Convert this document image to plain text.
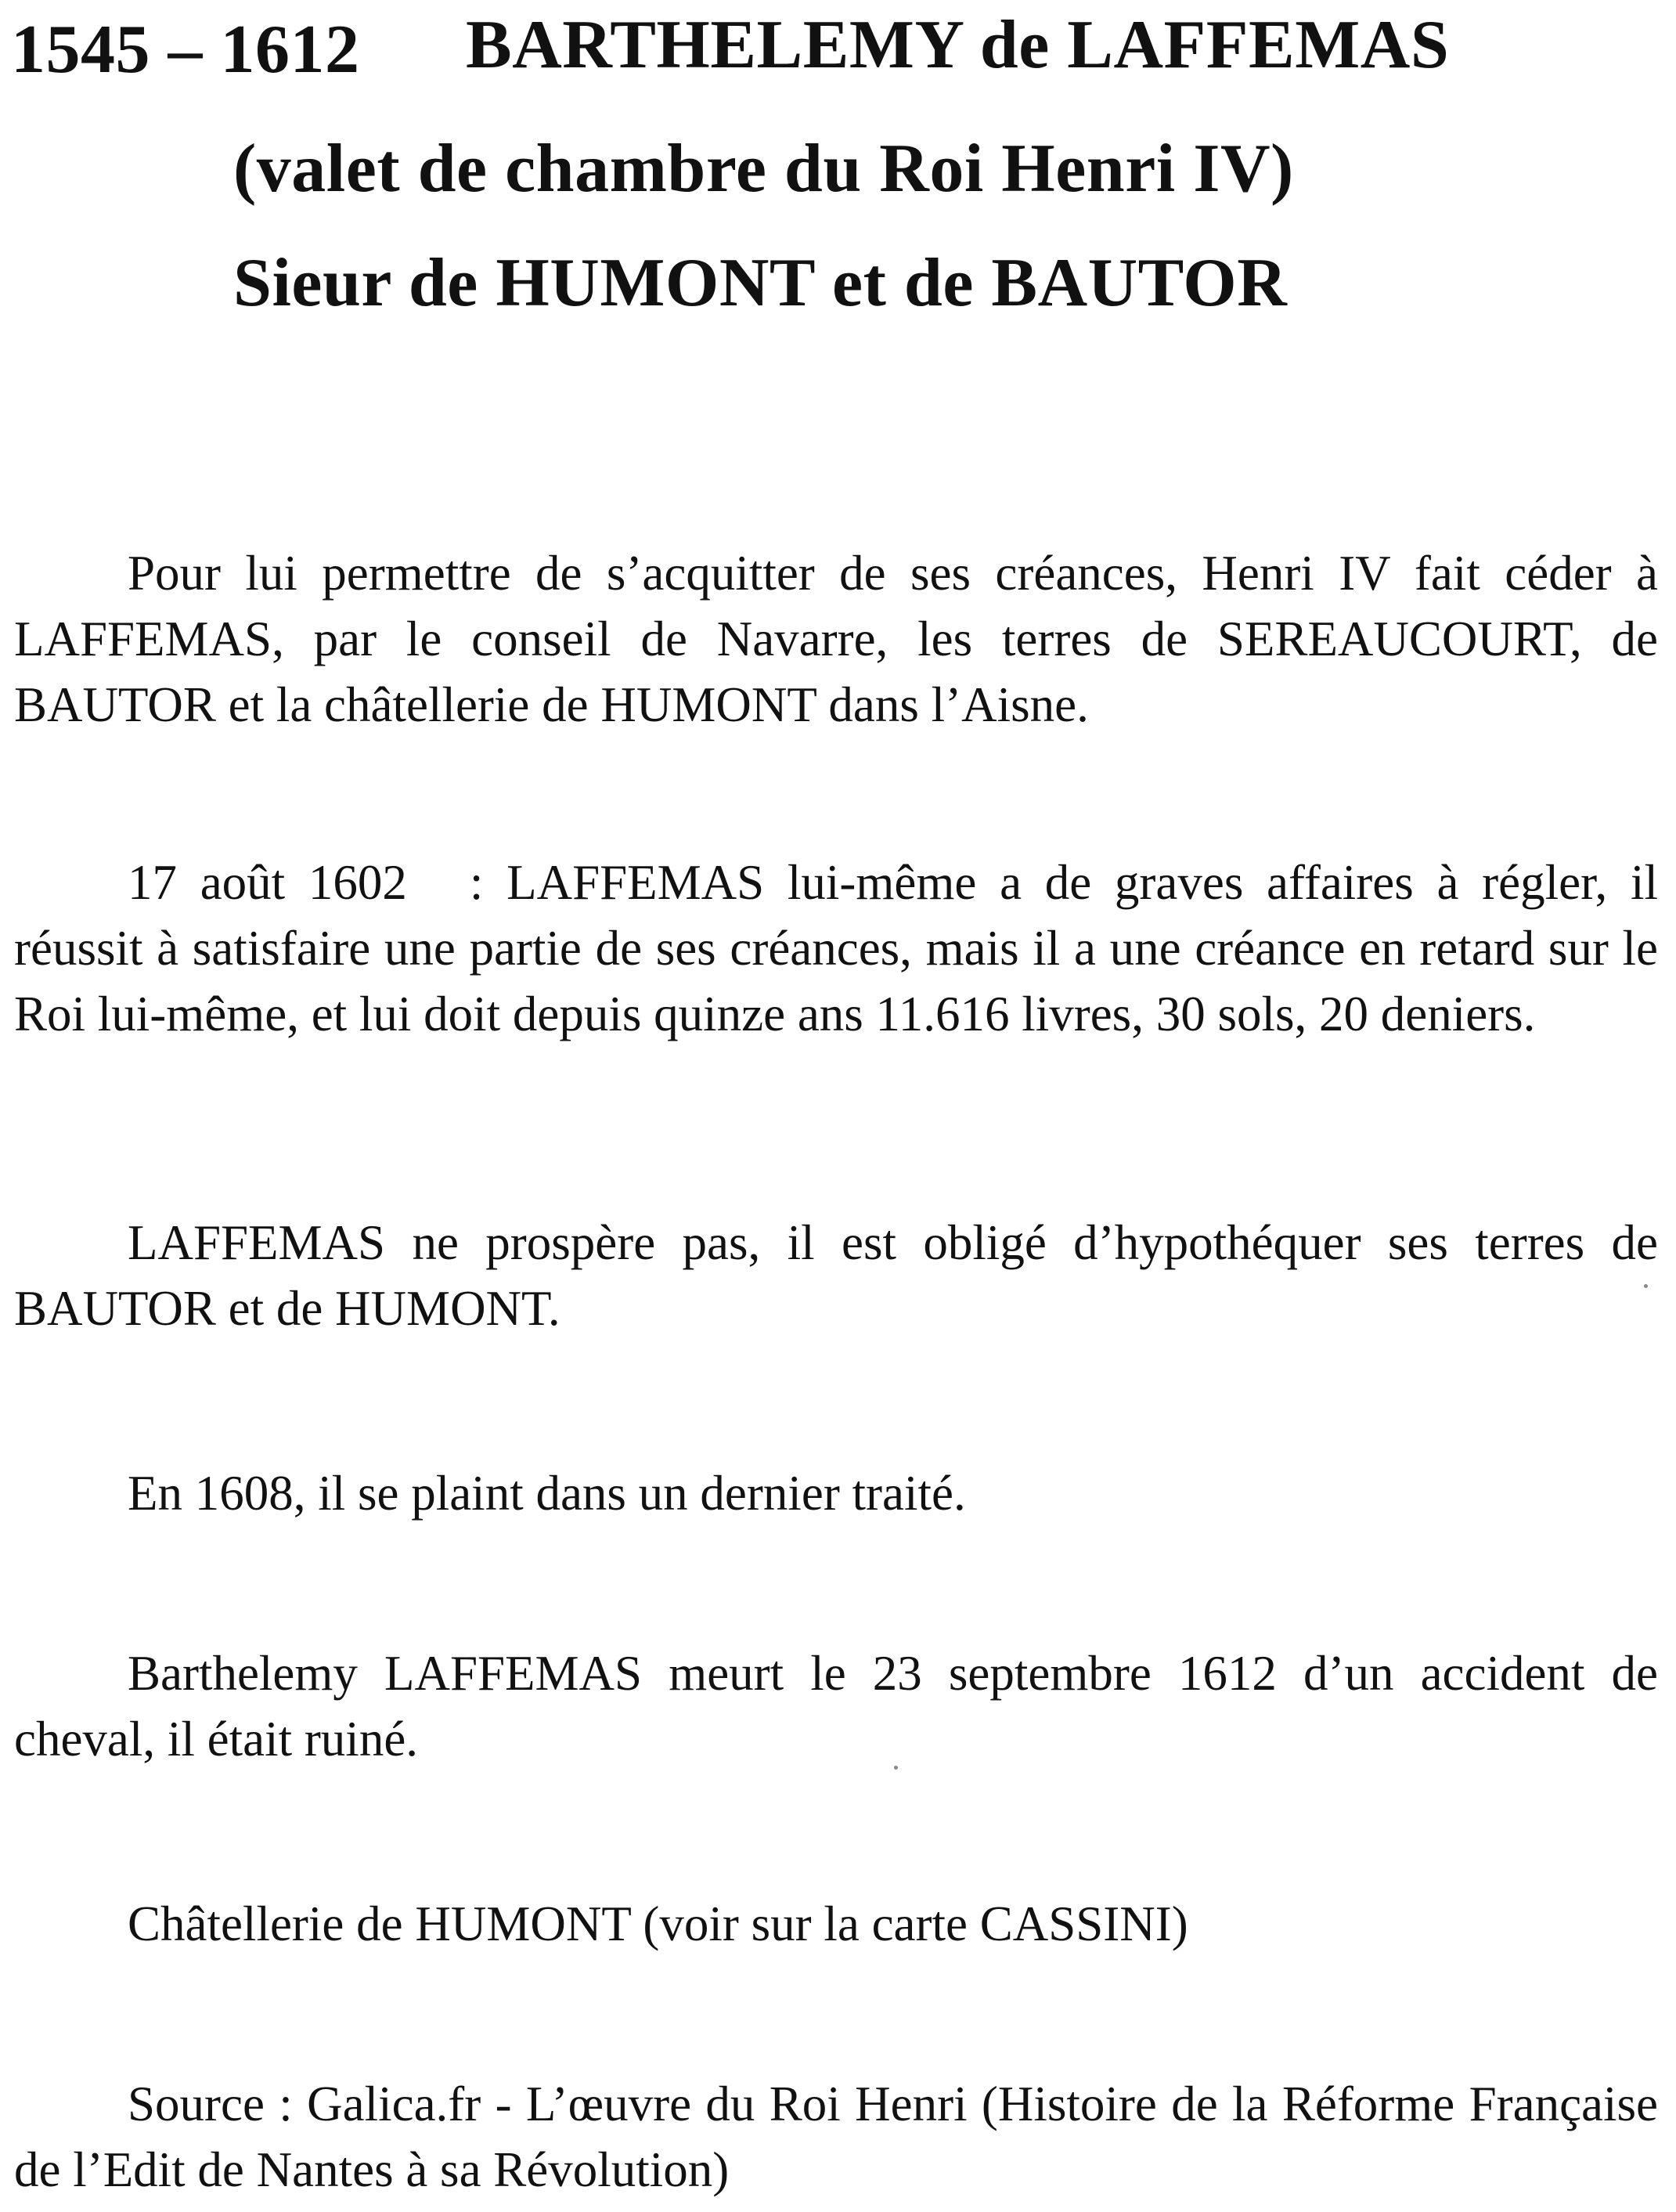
1545 – 1612 BARTHELEMY de LAFFEMAS
(valet de chambre du Roi Henri IV)
Sieur de HUMONT et de BAUTOR
Pour lui permettre de s’acquitter de ses créances, Henri IV fait céder à LAFFEMAS, par le conseil de Navarre, les terres de SEREAUCOURT, de BAUTOR et la châtellerie de HUMONT dans l’Aisne.
17 août 1602 : LAFFEMAS lui-même a de graves affaires à régler, il réussit à satisfaire une partie de ses créances, mais il a une créance en retard sur le Roi lui-même, et lui doit depuis quinze ans 11.616 livres, 30 sols, 20 deniers.
LAFFEMAS ne prospère pas, il est obligé d’hypothéquer ses terres de BAUTOR et de HUMONT.
En 1608, il se plaint dans un dernier traité.
Barthelemy LAFFEMAS meurt le 23 septembre 1612 d’un accident de cheval, il était ruiné.
Châtellerie de HUMONT (voir sur la carte CASSINI)
Source : Galica.fr - L’œuvre du Roi Henri (Histoire de la Réforme Française de l’Edit de Nantes à sa Révolution)
